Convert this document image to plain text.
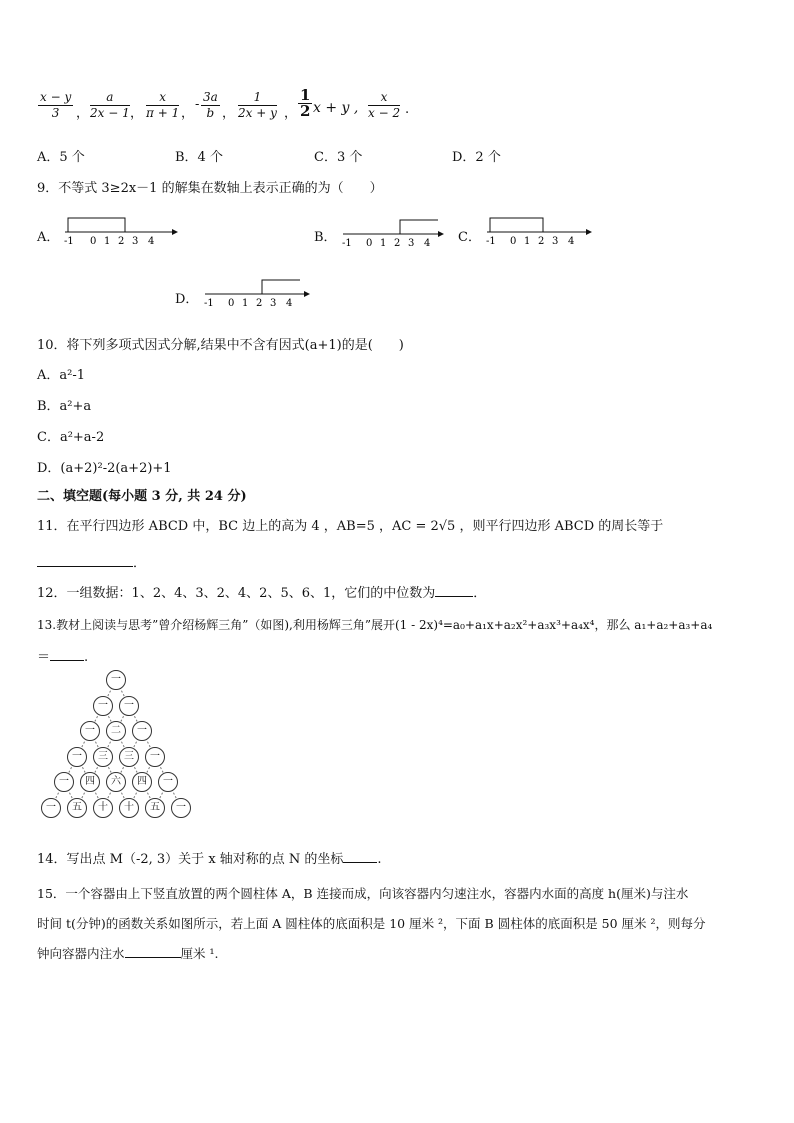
$\frac{x - y}{3}$ ， $\frac{a}{2x - 1}$ ， $\frac{x}{\pi + 1}$ ，
- $\frac{3a}{b}$ ， $\frac{1}{2x + y}$ ， $\frac{1}{2}$ x + y , $\frac{x}{x - 2}$ .
A．5 个	B．4 个	C．3 个	D．2 个
9．不等式 3≥2x－1 的解集在数轴上表示正确的为（　　）
A． -1 0 1 2 3 4	B． -1 0 1 2 3 4 C． -1 0 1 2 3 4
D． -1 0 1 2 3 4
10．将下列多项式因式分解,结果中不含有因式(a+1)的是(　　)
A．a²-1
B．a²+a
C．a²+a-2
D．(a+2)²-2(a+2)+1
二、填空题(每小题 3 分, 共 24 分)
11．在平行四边形 ABCD 中，BC 边上的高为 4 ，AB=5 ，AC = 2√5 ，则平行四边形 ABCD 的周长等于
．
12．一组数据：1、2、4、3、2、4、2、5、6、1，它们的中位数为	．
13.教材上阅读与思考”曾介绍杨辉三角”（如图),利用杨辉三角”展开(1 - 2x)⁴=a₀+a₁x+a₂x²+a₃x³+a₄x⁴，那么 a₁+a₂+a₃+a₄
＝	.
一
一	一
一	二	一
一	三	三	一
一	四	六	四	一
一	五	十	十	五	一
14．写出点 M（-2, 3）关于 x 轴对称的点 N 的坐标	.
15．一个容器由上下竖直放置的两个圆柱体 A，B 连接而成，向该容器内匀速注水，容器内水面的高度 h(厘米)与注水
时间 t(分钟)的函数关系如图所示，若上面 A 圆柱体的底面积是 10 厘米 ²，下面 B 圆柱体的底面积是 50 厘米 ²，则每分
钟向容器内注水	厘米 ¹.
